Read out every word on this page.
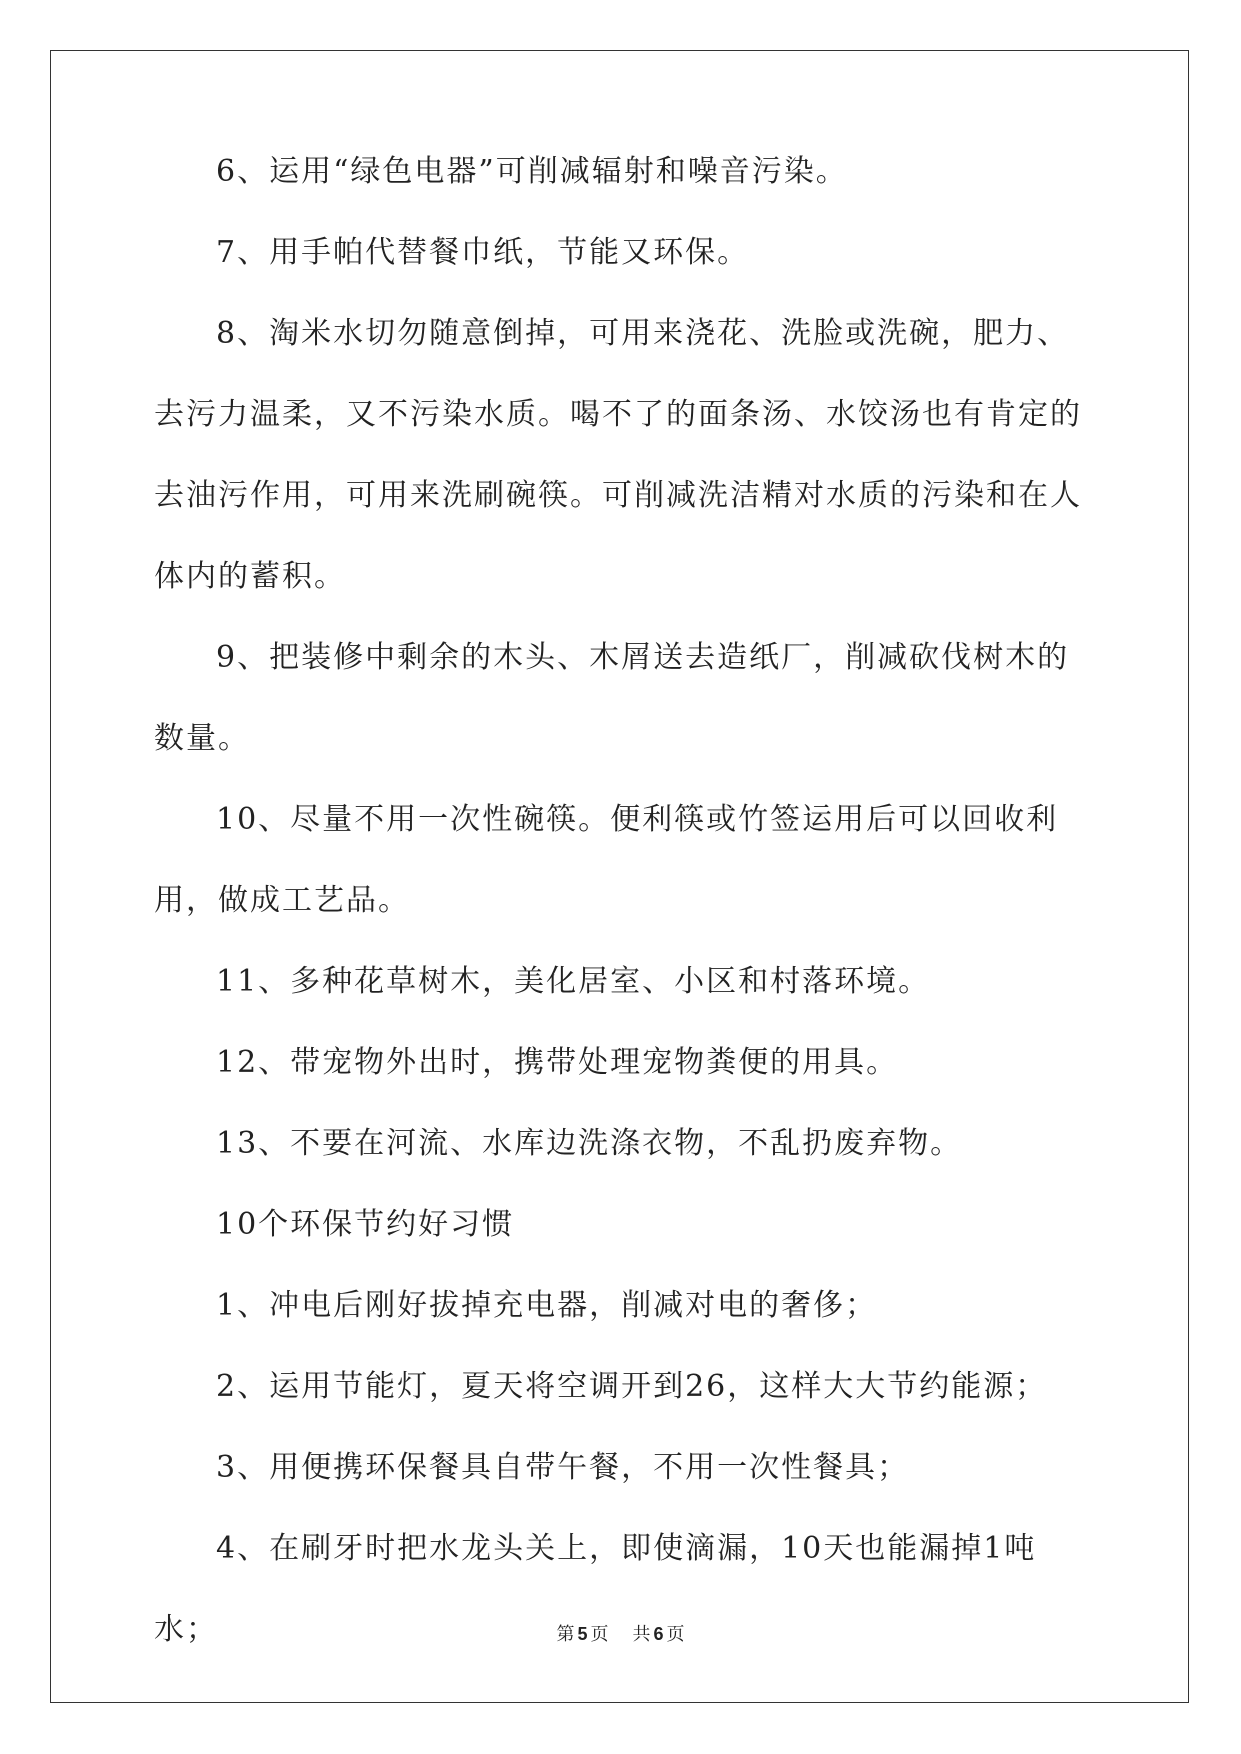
6、运用“绿色电器”可削减辐射和噪音污染。

7、用手帕代替餐巾纸，节能又环保。

8、淘米水切勿随意倒掉，可用来浇花、洗脸或洗碗，肥力、去污力温柔，又不污染水质。喝不了的面条汤、水饺汤也有肯定的去油污作用，可用来洗刷碗筷。可削减洗洁精对水质的污染和在人体内的蓄积。

9、把装修中剩余的木头、木屑送去造纸厂，削减砍伐树木的数量。

10、尽量不用一次性碗筷。便利筷或竹签运用后可以回收利用，做成工艺品。

11、多种花草树木，美化居室、小区和村落环境。

12、带宠物外出时，携带处理宠物粪便的用具。

13、不要在河流、水库边洗涤衣物，不乱扔废弃物。

10个环保节约好习惯

1、冲电后刚好拔掉充电器，削减对电的奢侈；

2、运用节能灯，夏天将空调开到26，这样大大节约能源；

3、用便携环保餐具自带午餐，不用一次性餐具；

4、在刷牙时把水龙头关上，即使滴漏，10天也能漏掉1吨水；	第 5 页 共 6 页
